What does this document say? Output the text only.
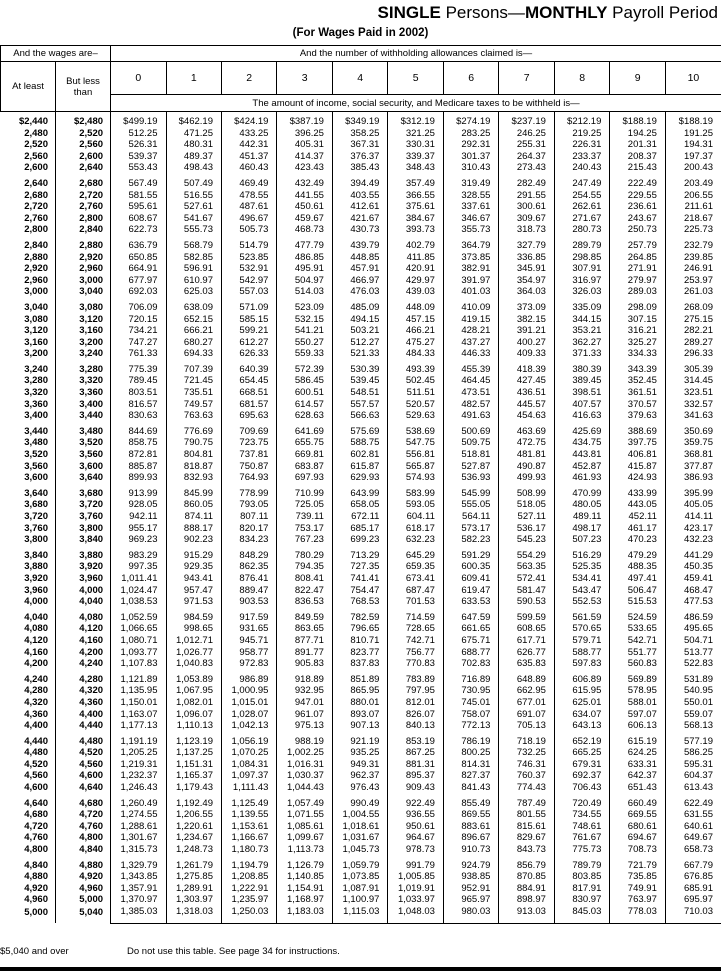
SINGLE Persons—MONTHLY Payroll Period
(For Wages Paid in 2002)
And the wages are–		And the number of withholding allowances claimed is—										
At least	But less than	0	1	2	3	4	5	6	7	8	9	10
		The amount of income, social security, and Medicare taxes to be withheld is—										
$2,440	$2,480	$499.19	$462.19	$424.19	$387.19	$349.19	$312.19	$274.19	$237.19	$212.19	$188.19	$188.19
2,480	2,520	512.25	471.25	433.25	396.25	358.25	321.25	283.25	246.25	219.25	194.25	191.25
2,520	2,560	526.31	480.31	442.31	405.31	367.31	330.31	292.31	255.31	226.31	201.31	194.31
2,560	2,600	539.37	489.37	451.37	414.37	376.37	339.37	301.37	264.37	233.37	208.37	197.37
2,600	2,640	553.43	498.43	460.43	423.43	385.43	348.43	310.43	273.43	240.43	215.43	200.43
2,640	2,680	567.49	507.49	469.49	432.49	394.49	357.49	319.49	282.49	247.49	222.49	203.49
2,680	2,720	581.55	516.55	478.55	441.55	403.55	366.55	328.55	291.55	254.55	229.55	206.55
2,720	2,760	595.61	527.61	487.61	450.61	412.61	375.61	337.61	300.61	262.61	236.61	211.61
2,760	2,800	608.67	541.67	496.67	459.67	421.67	384.67	346.67	309.67	271.67	243.67	218.67
2,800	2,840	622.73	555.73	505.73	468.73	430.73	393.73	355.73	318.73	280.73	250.73	225.73
2,840	2,880	636.79	568.79	514.79	477.79	439.79	402.79	364.79	327.79	289.79	257.79	232.79
2,880	2,920	650.85	582.85	523.85	486.85	448.85	411.85	373.85	336.85	298.85	264.85	239.85
2,920	2,960	664.91	596.91	532.91	495.91	457.91	420.91	382.91	345.91	307.91	271.91	246.91
2,960	3,000	677.97	610.97	542.97	504.97	466.97	429.97	391.97	354.97	316.97	279.97	253.97
3,000	3,040	692.03	625.03	557.03	514.03	476.03	439.03	401.03	364.03	326.03	289.03	261.03
3,040	3,080	706.09	638.09	571.09	523.09	485.09	448.09	410.09	373.09	335.09	298.09	268.09
3,080	3,120	720.15	652.15	585.15	532.15	494.15	457.15	419.15	382.15	344.15	307.15	275.15
3,120	3,160	734.21	666.21	599.21	541.21	503.21	466.21	428.21	391.21	353.21	316.21	282.21
3,160	3,200	747.27	680.27	612.27	550.27	512.27	475.27	437.27	400.27	362.27	325.27	289.27
3,200	3,240	761.33	694.33	626.33	559.33	521.33	484.33	446.33	409.33	371.33	334.33	296.33
3,240	3,280	775.39	707.39	640.39	572.39	530.39	493.39	455.39	418.39	380.39	343.39	305.39
3,280	3,320	789.45	721.45	654.45	586.45	539.45	502.45	464.45	427.45	389.45	352.45	314.45
3,320	3,360	803.51	735.51	668.51	600.51	548.51	511.51	473.51	436.51	398.51	361.51	323.51
3,360	3,400	816.57	749.57	681.57	614.57	557.57	520.57	482.57	445.57	407.57	370.57	332.57
3,400	3,440	830.63	763.63	695.63	628.63	566.63	529.63	491.63	454.63	416.63	379.63	341.63
3,440	3,480	844.69	776.69	709.69	641.69	575.69	538.69	500.69	463.69	425.69	388.69	350.69
3,480	3,520	858.75	790.75	723.75	655.75	588.75	547.75	509.75	472.75	434.75	397.75	359.75
3,520	3,560	872.81	804.81	737.81	669.81	602.81	556.81	518.81	481.81	443.81	406.81	368.81
3,560	3,600	885.87	818.87	750.87	683.87	615.87	565.87	527.87	490.87	452.87	415.87	377.87
3,600	3,640	899.93	832.93	764.93	697.93	629.93	574.93	536.93	499.93	461.93	424.93	386.93
3,640	3,680	913.99	845.99	778.99	710.99	643.99	583.99	545.99	508.99	470.99	433.99	395.99
3,680	3,720	928.05	860.05	793.05	725.05	658.05	593.05	555.05	518.05	480.05	443.05	405.05
3,720	3,760	942.11	874.11	807.11	739.11	672.11	604.11	564.11	527.11	489.11	452.11	414.11
3,760	3,800	955.17	888.17	820.17	753.17	685.17	618.17	573.17	536.17	498.17	461.17	423.17
3,800	3,840	969.23	902.23	834.23	767.23	699.23	632.23	582.23	545.23	507.23	470.23	432.23
3,840	3,880	983.29	915.29	848.29	780.29	713.29	645.29	591.29	554.29	516.29	479.29	441.29
3,880	3,920	997.35	929.35	862.35	794.35	727.35	659.35	600.35	563.35	525.35	488.35	450.35
3,920	3,960	1,011.41	943.41	876.41	808.41	741.41	673.41	609.41	572.41	534.41	497.41	459.41
3,960	4,000	1,024.47	957.47	889.47	822.47	754.47	687.47	619.47	581.47	543.47	506.47	468.47
4,000	4,040	1,038.53	971.53	903.53	836.53	768.53	701.53	633.53	590.53	552.53	515.53	477.53
4,040	4,080	1,052.59	984.59	917.59	849.59	782.59	714.59	647.59	599.59	561.59	524.59	486.59
4,080	4,120	1,066.65	998.65	931.65	863.65	796.65	728.65	661.65	608.65	570.65	533.65	495.65
4,120	4,160	1,080.71	1,012.71	945.71	877.71	810.71	742.71	675.71	617.71	579.71	542.71	504.71
4,160	4,200	1,093.77	1,026.77	958.77	891.77	823.77	756.77	688.77	626.77	588.77	551.77	513.77
4,200	4,240	1,107.83	1,040.83	972.83	905.83	837.83	770.83	702.83	635.83	597.83	560.83	522.83
4,240	4,280	1,121.89	1,053.89	986.89	918.89	851.89	783.89	716.89	648.89	606.89	569.89	531.89
4,280	4,320	1,135.95	1,067.95	1,000.95	932.95	865.95	797.95	730.95	662.95	615.95	578.95	540.95
4,320	4,360	1,150.01	1,082.01	1,015.01	947.01	880.01	812.01	745.01	677.01	625.01	588.01	550.01
4,360	4,400	1,163.07	1,096.07	1,028.07	961.07	893.07	826.07	758.07	691.07	634.07	597.07	559.07
4,400	4,440	1,177.13	1,110.13	1,042.13	975.13	907.13	840.13	772.13	705.13	643.13	606.13	568.13
4,440	4,480	1,191.19	1,123.19	1,056.19	988.19	921.19	853.19	786.19	718.19	652.19	615.19	577.19
4,480	4,520	1,205.25	1,137.25	1,070.25	1,002.25	935.25	867.25	800.25	732.25	665.25	624.25	586.25
4,520	4,560	1,219.31	1,151.31	1,084.31	1,016.31	949.31	881.31	814.31	746.31	679.31	633.31	595.31
4,560	4,600	1,232.37	1,165.37	1,097.37	1,030.37	962.37	895.37	827.37	760.37	692.37	642.37	604.37
4,600	4,640	1,246.43	1,179.43	1,111.43	1,044.43	976.43	909.43	841.43	774.43	706.43	651.43	613.43
4,640	4,680	1,260.49	1,192.49	1,125.49	1,057.49	990.49	922.49	855.49	787.49	720.49	660.49	622.49
4,680	4,720	1,274.55	1,206.55	1,139.55	1,071.55	1,004.55	936.55	869.55	801.55	734.55	669.55	631.55
4,720	4,760	1,288.61	1,220.61	1,153.61	1,085.61	1,018.61	950.61	883.61	815.61	748.61	680.61	640.61
4,760	4,800	1,301.67	1,234.67	1,166.67	1,099.67	1,031.67	964.67	896.67	829.67	761.67	694.67	649.67
4,800	4,840	1,315.73	1,248.73	1,180.73	1,113.73	1,045.73	978.73	910.73	843.73	775.73	708.73	658.73
4,840	4,880	1,329.79	1,261.79	1,194.79	1,126.79	1,059.79	991.79	924.79	856.79	789.79	721.79	667.79
4,880	4,920	1,343.85	1,275.85	1,208.85	1,140.85	1,073.85	1,005.85	938.85	870.85	803.85	735.85	676.85
4,920	4,960	1,357.91	1,289.91	1,222.91	1,154.91	1,087.91	1,019.91	952.91	884.91	817.91	749.91	685.91
4,960	5,000	1,370.97	1,303.97	1,235.97	1,168.97	1,100.97	1,033.97	965.97	898.97	830.97	763.97	695.97
5,000	5,040	1,385.03	1,318.03	1,250.03	1,183.03	1,115.03	1,048.03	980.03	913.03	845.03	778.03	710.03
$5,040 and over	Do not use this table. See page 34 for instructions.
